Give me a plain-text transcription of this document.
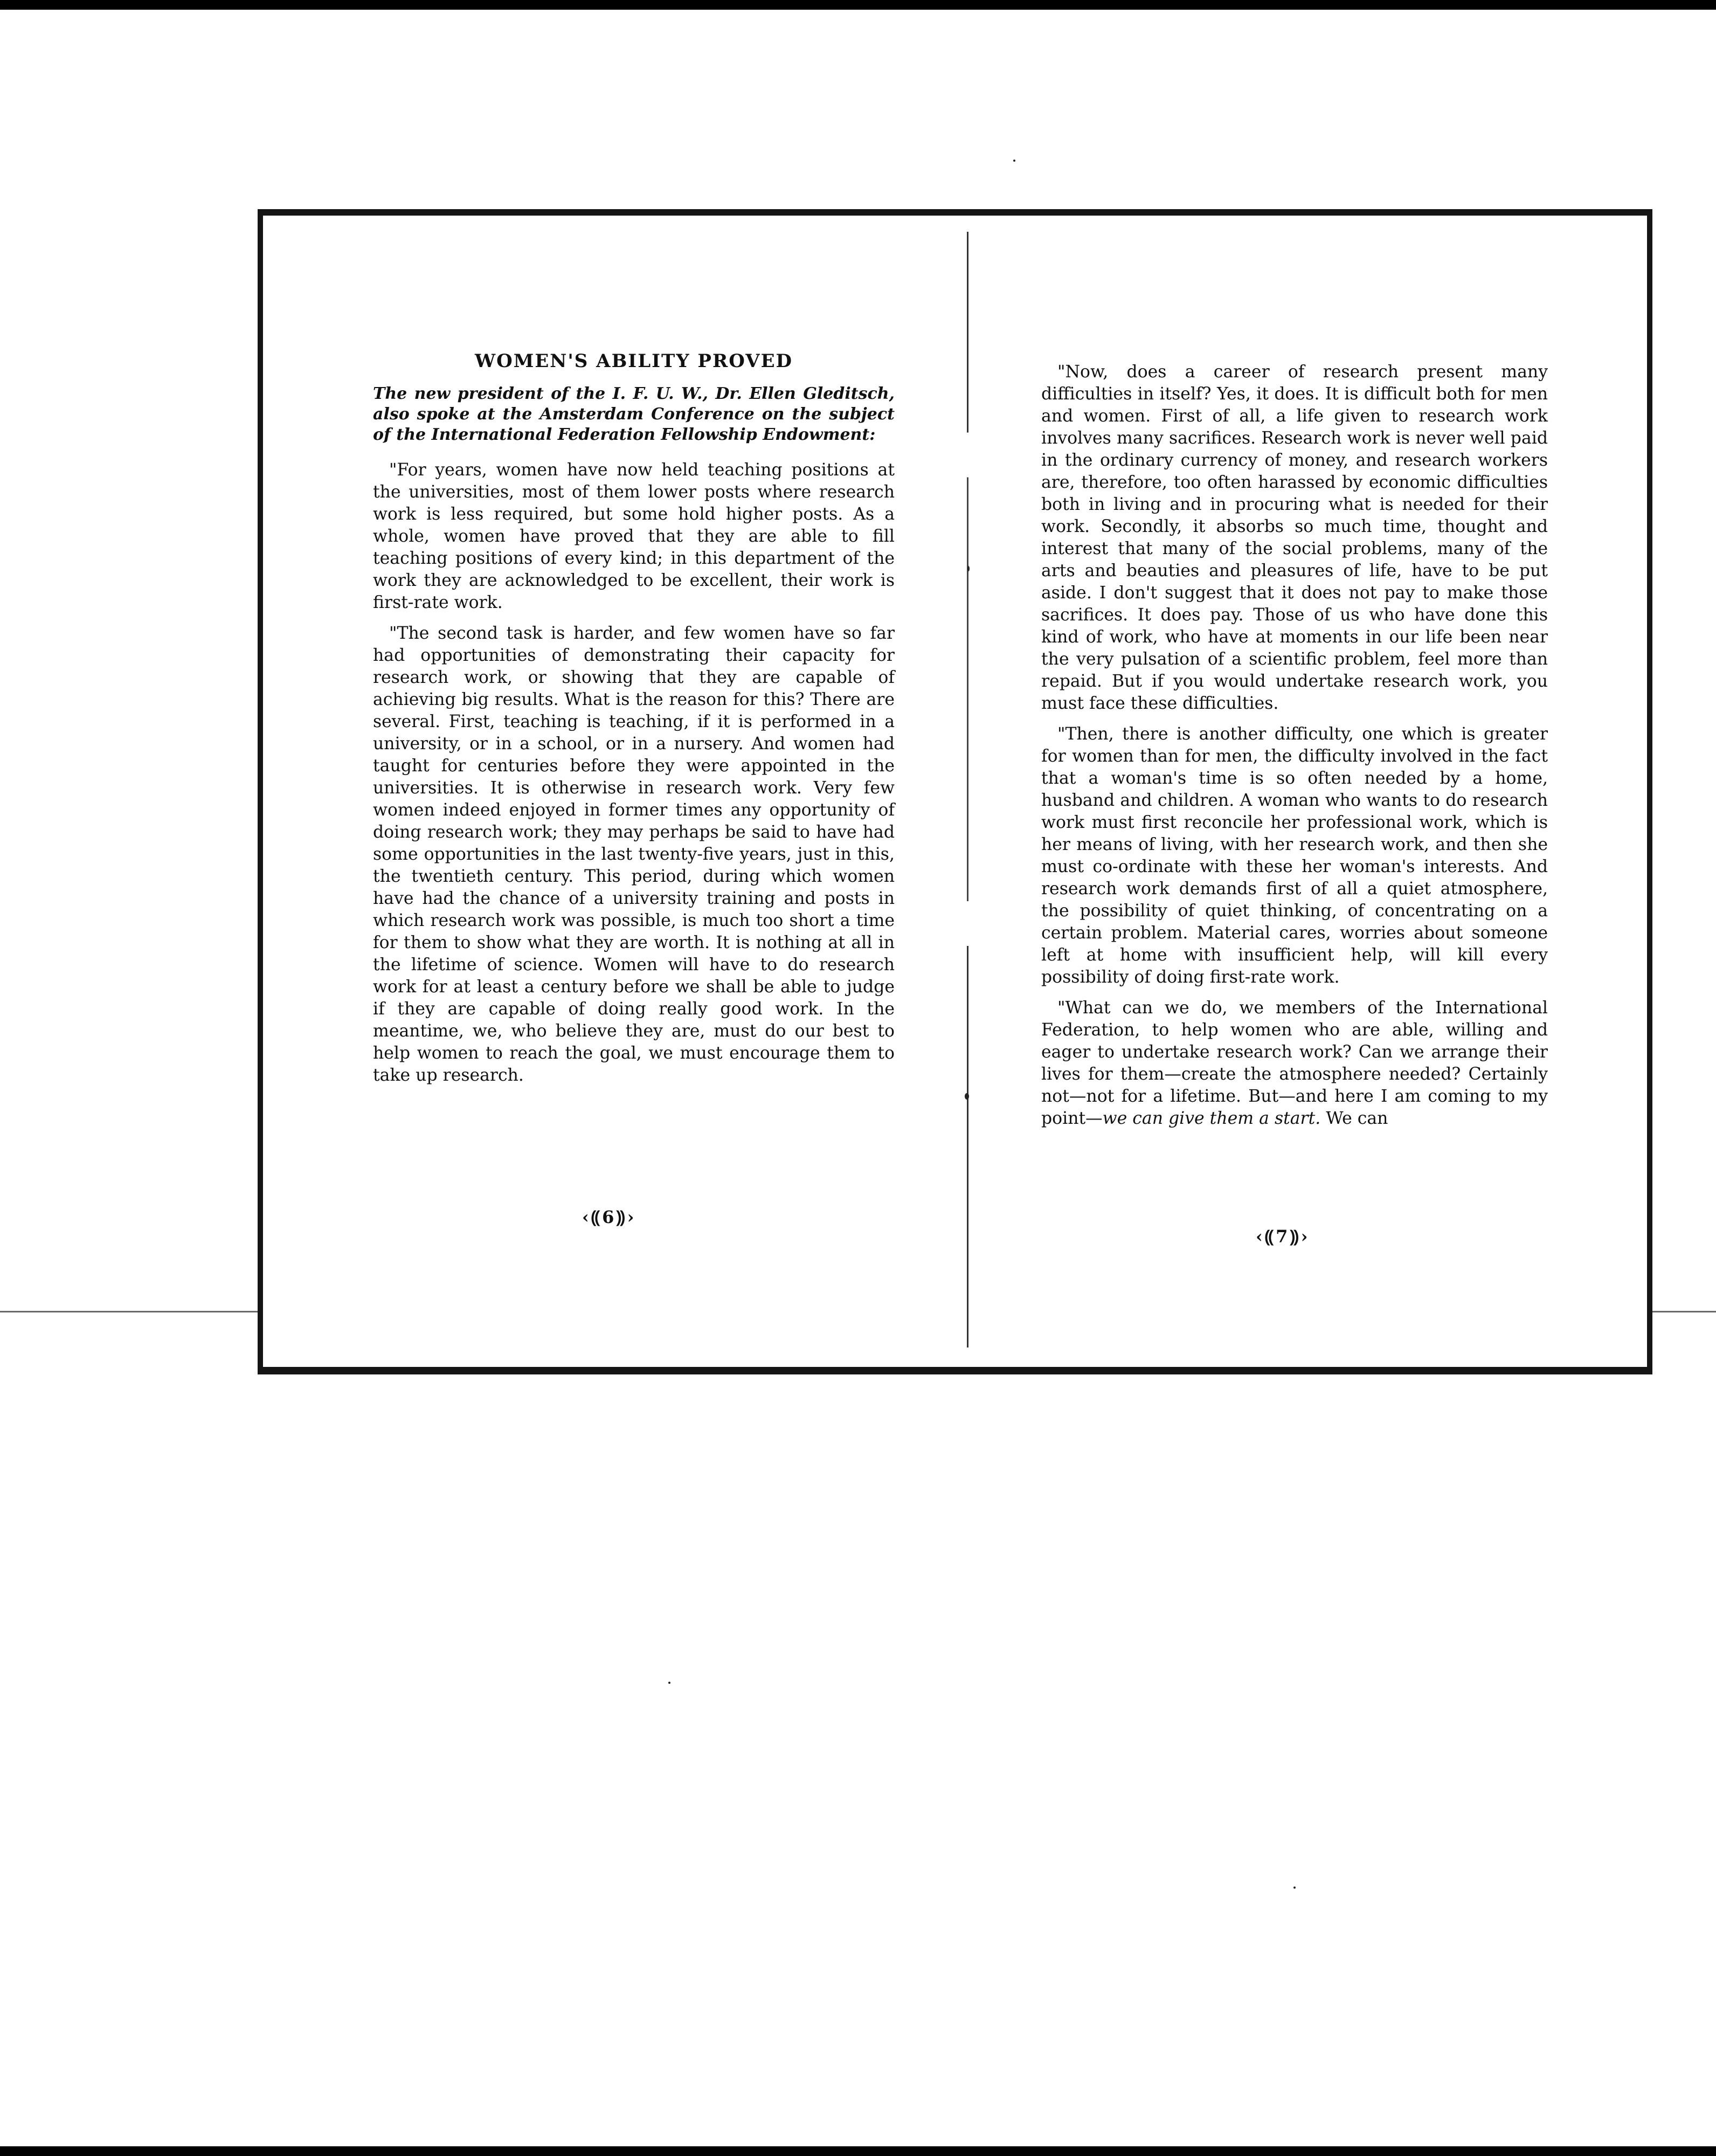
WOMEN'S ABILITY PROVED
The new president of the I. F. U. W., Dr. Ellen Gleditsch, also spoke at the Amsterdam Conference on the subject of the International Federation Fellowship Endowment:
"For years, women have now held teaching positions at the universities, most of them lower posts where research work is less required, but some hold higher posts. As a whole, women have proved that they are able to fill teaching positions of every kind; in this department of the work they are acknowledged to be excellent, their work is first-rate work.
"The second task is harder, and few women have so far had opportunities of demonstrating their capacity for research work, or showing that they are capable of achieving big results. What is the reason for this? There are several. First, teaching is teaching, if it is performed in a university, or in a school, or in a nursery. And women had taught for centuries before they were appointed in the universities. It is otherwise in research work. Very few women indeed enjoyed in former times any opportunity of doing research work; they may perhaps be said to have had some opportunities in the last twenty-five years, just in this, the twentieth century. This period, during which women have had the chance of a university training and posts in which research work was possible, is much too short a time for them to show what they are worth. It is nothing at all in the lifetime of science. Women will have to do research work for at least a century before we shall be able to judge if they are capable of doing really good work. In the meantime, we, who believe they are, must do our best to help women to reach the goal, we must encourage them to take up research.
"Now, does a career of research present many difficulties in itself? Yes, it does. It is difficult both for men and women. First of all, a life given to research work involves many sacrifices. Research work is never well paid in the ordinary currency of money, and research workers are, therefore, too often harassed by economic difficulties both in living and in procuring what is needed for their work. Secondly, it absorbs so much time, thought and interest that many of the social problems, many of the arts and beauties and pleasures of life, have to be put aside. I don't suggest that it does not pay to make those sacrifices. It does pay. Those of us who have done this kind of work, who have at moments in our life been near the very pulsation of a scientific problem, feel more than repaid. But if you would undertake research work, you must face these difficulties.
"Then, there is another difficulty, one which is greater for women than for men, the difficulty involved in the fact that a woman's time is so often needed by a home, husband and children. A woman who wants to do research work must first reconcile her professional work, which is her means of living, with her research work, and then she must co-ordinate with these her woman's interests. And research work demands first of all a quiet atmosphere, the possibility of quiet thinking, of concentrating on a certain problem. Material cares, worries about someone left at home with insufficient help, will kill every possibility of doing first-rate work.
"What can we do, we members of the International Federation, to help women who are able, willing and eager to undertake research work? Can we arrange their lives for them—create the atmosphere needed? Certainly not—not for a lifetime. But—and here I am coming to my point—we can give them a start. We can
‹⸨6⸩›
‹⸨7⸩›
